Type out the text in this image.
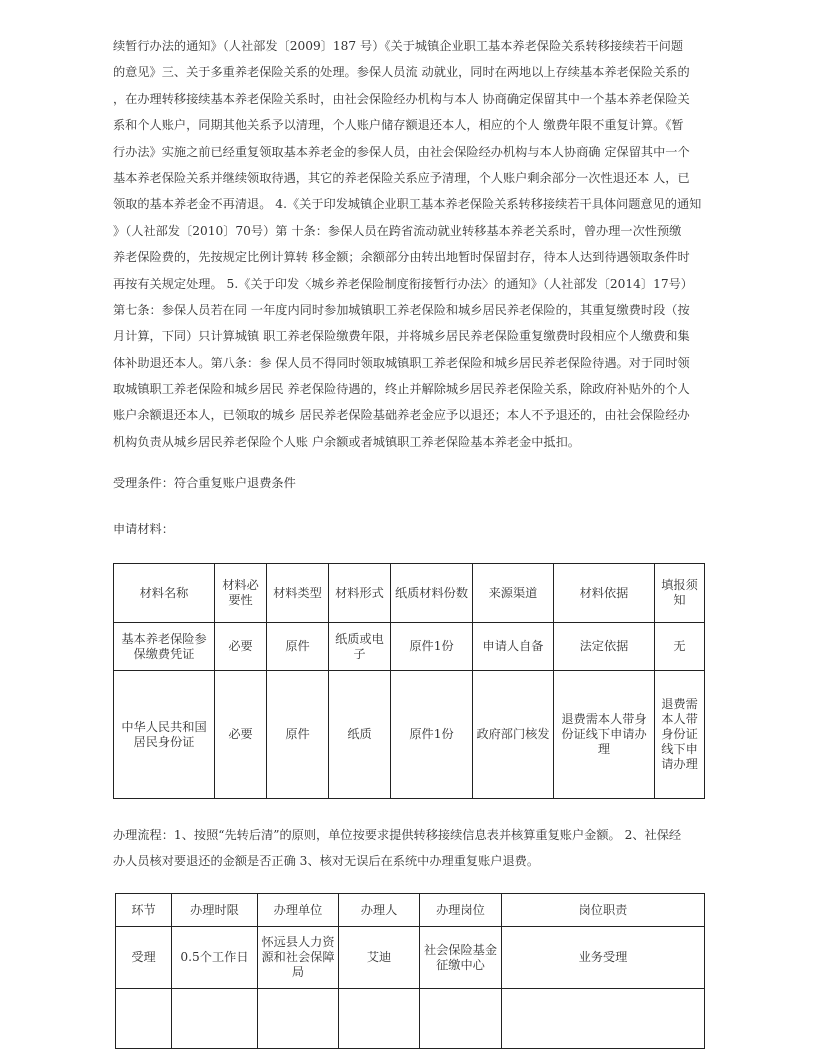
续暂行办法的通知》（人社部发〔2009〕187 号）《关于城镇企业职工基本养老保险关系转移接续若干问题
的意见》三、关于多重养老保险关系的处理。参保人员流 动就业，同时在两地以上存续基本养老保险关系的
，在办理转移接续基本养老保险关系时，由社会保险经办机构与本人 协商确定保留其中一个基本养老保险关
系和个人账户，同期其他关系予以清理，个人账户储存额退还本人，相应的个人 缴费年限不重复计算。《暂
行办法》实施之前已经重复领取基本养老金的参保人员，由社会保险经办机构与本人协商确 定保留其中一个
基本养老保险关系并继续领取待遇，其它的养老保险关系应予清理，个人账户剩余部分一次性退还本 人，已
领取的基本养老金不再清退。 4.《关于印发城镇企业职工基本养老保险关系转移接续若干具体问题意见的通知
》（人社部发〔2010〕70号）第 十条：参保人员在跨省流动就业转移基本养老关系时，曾办理一次性预缴
养老保险费的，先按规定比例计算转 移金额；余额部分由转出地暂时保留封存，待本人达到待遇领取条件时
再按有关规定处理。 5.《关于印发〈城乡养老保险制度衔接暂行办法〉的通知》（人社部发〔2014〕17号）
第七条：参保人员若在同 一年度内同时参加城镇职工养老保险和城乡居民养老保险的，其重复缴费时段（按
月计算，下同）只计算城镇 职工养老保险缴费年限，并将城乡居民养老保险重复缴费时段相应个人缴费和集
体补助退还本人。第八条：参 保人员不得同时领取城镇职工养老保险和城乡居民养老保险待遇。对于同时领
取城镇职工养老保险和城乡居民 养老保险待遇的，终止并解除城乡居民养老保险关系，除政府补贴外的个人
账户余额退还本人，已领取的城乡 居民养老保险基础养老金应予以退还；本人不予退还的，由社会保险经办
机构负责从城乡居民养老保险个人账 户余额或者城镇职工养老保险基本养老金中抵扣。

受理条件：符合重复账户退费条件

申请材料：

材料名称	材料必要性	材料类型	材料形式	纸质材料份数	来源渠道	材料依据	填报须知
基本养老保险参保缴费凭证	必要	原件	纸质或电子	原件1份	申请人自备	法定依据	无
中华人民共和国居民身份证	必要	原件	纸质	原件1份	政府部门核发	退费需本人带身份证线下申请办理	退费需本人带身份证线下申请办理
办理流程：1、按照“先转后清”的原则，单位按要求提供转移接续信息表并核算重复账户金额。 2、社保经
办人员核对要退还的金额是否正确 3、核对无误后在系统中办理重复账户退费。
环节	办理时限	办理单位	办理人	办理岗位	岗位职责
受理	0.5个工作日	怀远县人力资源和社会保障局	艾迪	社会保险基金征缴中心	业务受理
